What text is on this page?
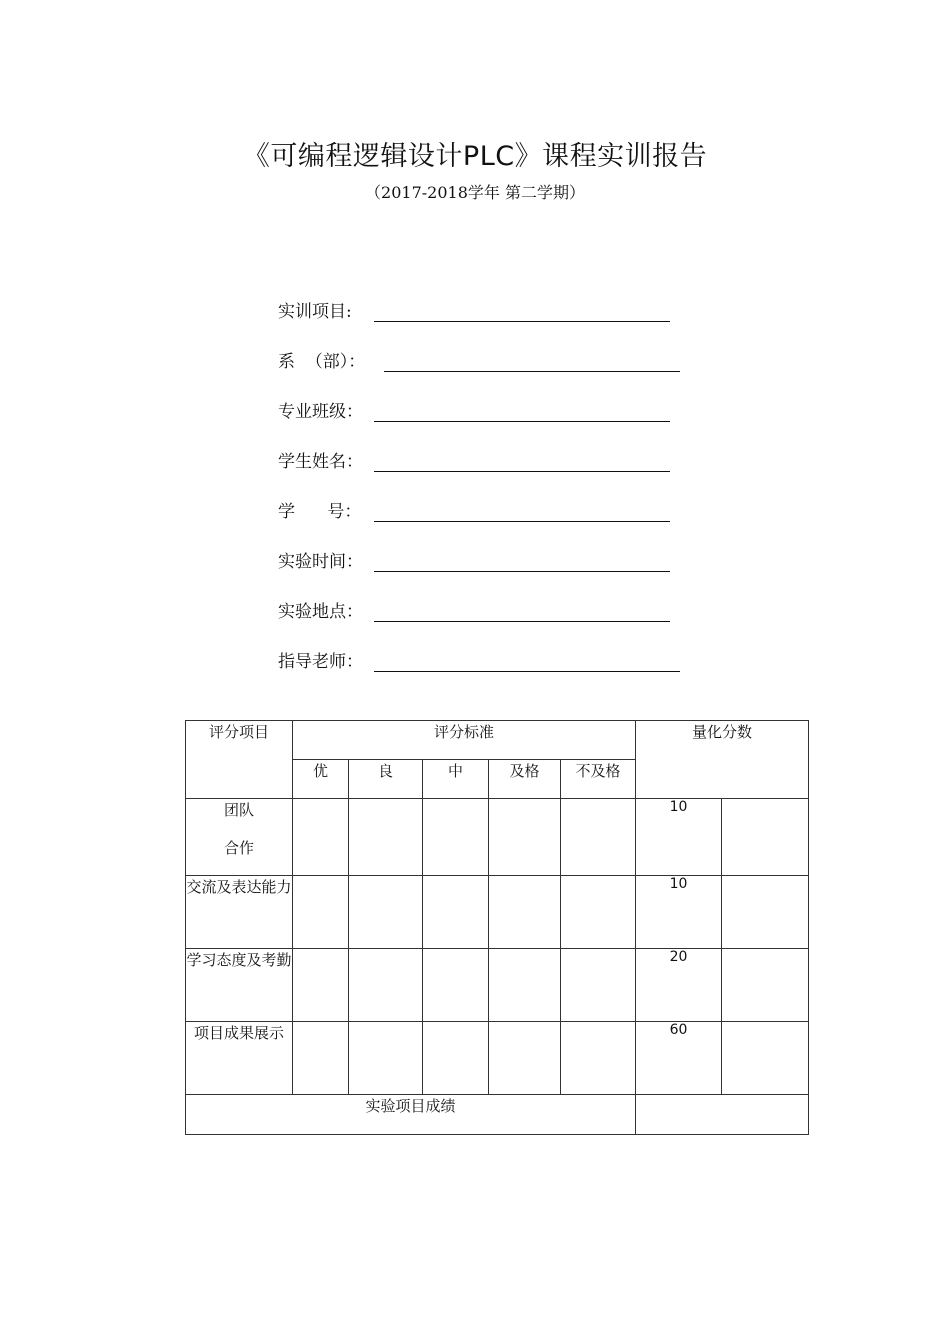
《可编程逻辑设计PLC》课程实训报告
（2017-2018学年 第二学期）
实训项目:
系  （部）：
专业班级：
学生姓名：
学      号：
实验时间：
实验地点：
指导老师：
评分项目	评分标准					量化分数	
	优	良	中	及格	不及格		

团队
合作						10	
交流及表达能力						10	
学习态度及考勤						20	
项目成果展示						60	
实验项目成绩							
